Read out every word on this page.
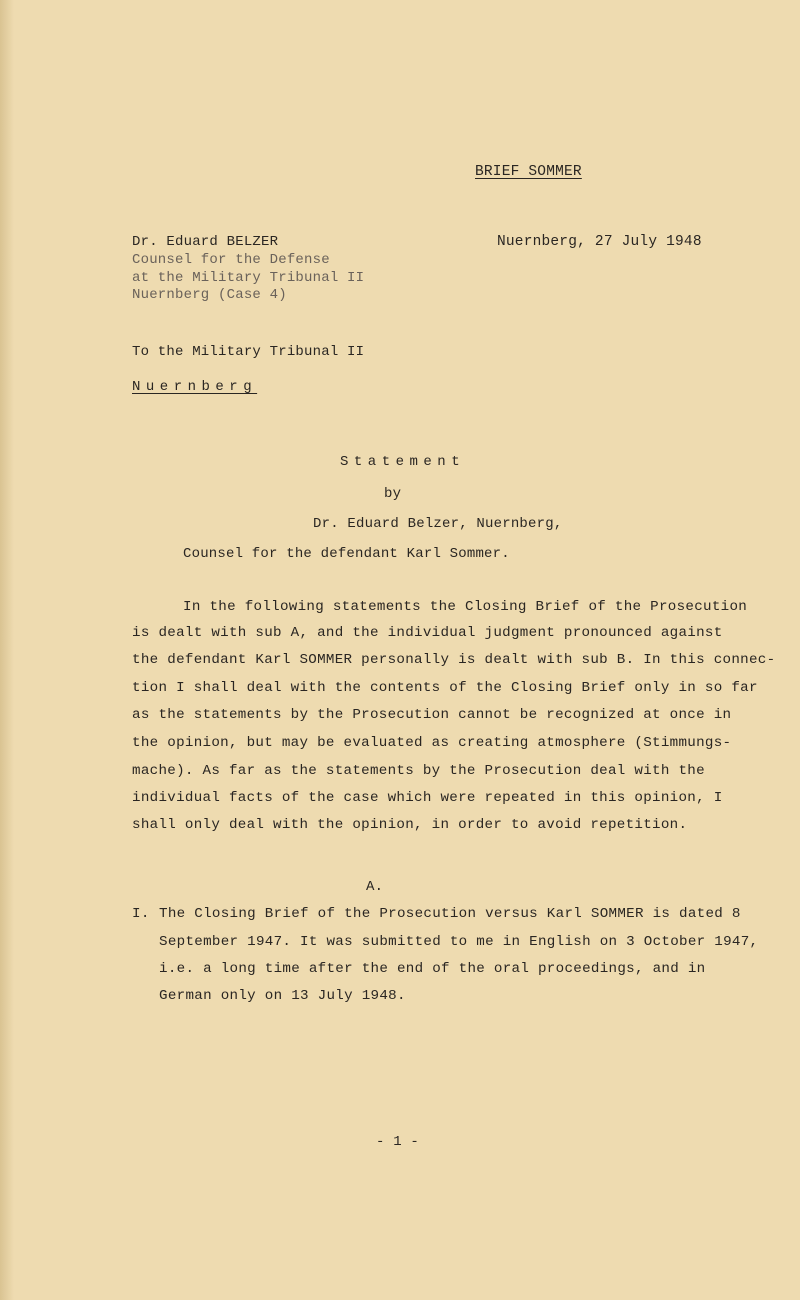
BRIEF SOMMER
Dr. Eduard BELZER
Counsel for the Defense
at the Military Tribunal II
Nuernberg (Case 4)
Nuernberg, 27 July 1948
To the Military Tribunal II
Nuernberg
Statement
by
Dr. Eduard Belzer, Nuernberg,
Counsel for the defendant Karl Sommer.
In the following statements the Closing Brief of the Prosecution
is dealt with sub A, and the individual judgment pronounced against
the defendant Karl SOMMER personally is dealt with sub B. In this connec-
tion I shall deal with the contents of the Closing Brief only in so far
as the statements by the Prosecution cannot be recognized at once in
the opinion, but may be evaluated as creating atmosphere (Stimmungs-
mache). As far as the statements by the Prosecution deal with the
individual facts of the case which were repeated in this opinion, I
shall only deal with the opinion, in order to avoid repetition.
A.
I. The Closing Brief of the Prosecution versus Karl SOMMER is dated 8
September 1947. It was submitted to me in English on 3 October 1947,
i.e. a long time after the end of the oral proceedings, and in
German only on 13 July 1948.
- 1 -
